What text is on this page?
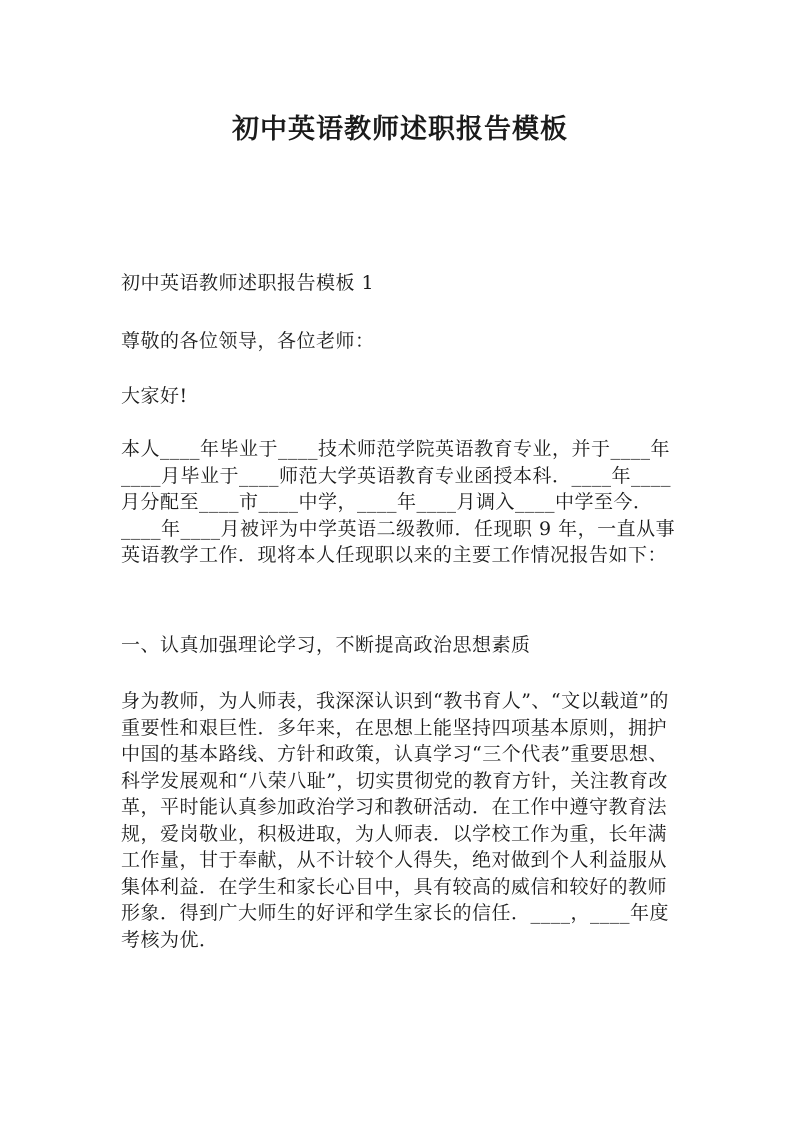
初中英语教师述职报告模板

初中英语教师述职报告模板 1

尊敬的各位领导，各位老师：

大家好!

本人____年毕业于____技术师范学院英语教育专业，并于____年____月毕业于____师范大学英语教育专业函授本科．____年____月分配至____市____中学，____年____月调入____中学至今．____年____月被评为中学英语二级教师．任现职 9 年，一直从事英语教学工作．现将本人任现职以来的主要工作情况报告如下：

一、认真加强理论学习，不断提高政治思想素质

身为教师，为人师表，我深深认识到“教书育人”、“文以载道”的重要性和艰巨性．多年来，在思想上能坚持四项基本原则，拥护中国的基本路线、方针和政策，认真学习“三个代表”重要思想、科学发展观和“八荣八耻”，切实贯彻党的教育方针，关注教育改革，平时能认真参加政治学习和教研活动．在工作中遵守教育法规，爱岗敬业，积极进取，为人师表．以学校工作为重，长年满工作量，甘于奉献，从不计较个人得失，绝对做到个人利益服从集体利益．在学生和家长心目中，具有较高的威信和较好的教师形象．得到广大师生的好评和学生家长的信任．____，____年度考核为优．
